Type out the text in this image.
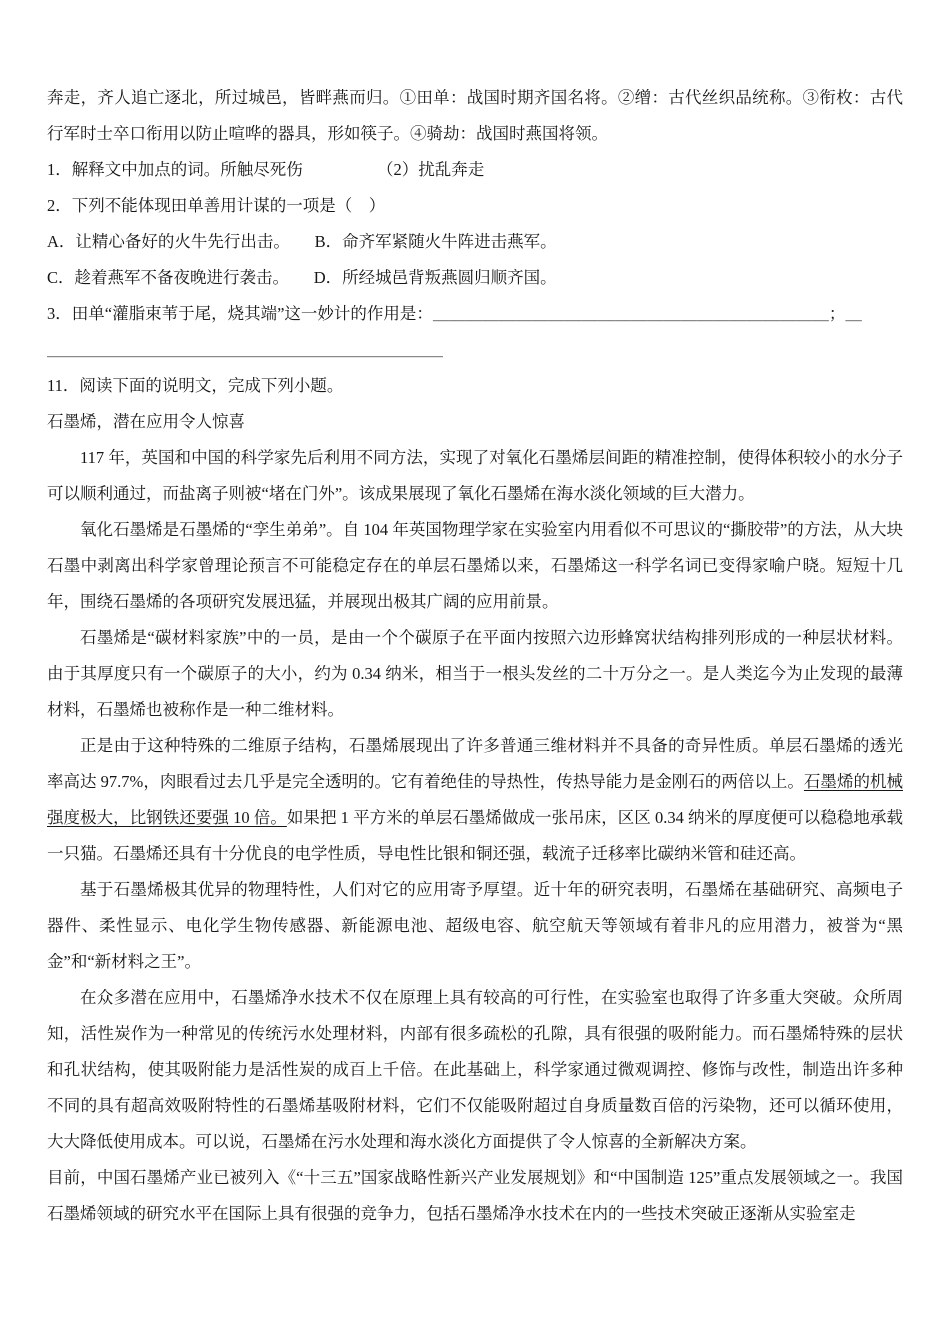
奔走，齐人追亡逐北，所过城邑，皆畔燕而归。①田单：战国时期齐国名将。②缯：古代丝织品统称。③衔枚：古代行军时士卒口衔用以防止喧哗的器具，形如筷子。④骑劫：战国时燕国将领。

1．解释文中加点的词。所触尽死伤　　　　　（2）扰乱奔走

2．下列不能体现田单善用计谋的一项是（　）

A．让精心备好的火牛先行出击。　　B．命齐军紧随火牛阵进击燕军。

C．趁着燕军不备夜晚进行袭击。　　D．所经城邑背叛燕圆归顺齐国。

3．田单“灌脂束苇于尾，烧其端”这一妙计的作用是：＿＿＿＿＿＿＿＿＿＿＿＿＿＿＿＿＿＿＿＿＿＿＿＿；＿

＿＿＿＿＿＿＿＿＿＿＿＿＿＿＿＿＿＿＿＿＿＿＿＿

11．阅读下面的说明文，完成下列小题。

石墨烯，潜在应用令人惊喜

117 年，英国和中国的科学家先后利用不同方法，实现了对氧化石墨烯层间距的精准控制，使得体积较小的水分子可以顺利通过，而盐离子则被“堵在门外”。该成果展现了氧化石墨烯在海水淡化领域的巨大潜力。

氧化石墨烯是石墨烯的“孪生弟弟”。自 104 年英国物理学家在实验室内用看似不可思议的“撕胶带”的方法，从大块石墨中剥离出科学家曾理论预言不可能稳定存在的单层石墨烯以来，石墨烯这一科学名词已变得家喻户晓。短短十几年，围绕石墨烯的各项研究发展迅猛，并展现出极其广阔的应用前景。

石墨烯是“碳材料家族”中的一员，是由一个个碳原子在平面内按照六边形蜂窝状结构排列形成的一种层状材料。由于其厚度只有一个碳原子的大小，约为 0.34 纳米，相当于一根头发丝的二十万分之一。是人类迄今为止发现的最薄材料，石墨烯也被称作是一种二维材料。

正是由于这种特殊的二维原子结构，石墨烯展现出了许多普通三维材料并不具备的奇异性质。单层石墨烯的透光率高达 97.7%，肉眼看过去几乎是完全透明的。它有着绝佳的导热性，传热导能力是金刚石的两倍以上。石墨烯的机械强度极大，比钢铁还要强 10 倍。如果把 1 平方米的单层石墨烯做成一张吊床，区区 0.34 纳米的厚度便可以稳稳地承载一只猫。石墨烯还具有十分优良的电学性质，导电性比银和铜还强，载流子迁移率比碳纳米管和硅还高。

基于石墨烯极其优异的物理特性，人们对它的应用寄予厚望。近十年的研究表明，石墨烯在基础研究、高频电子器件、柔性显示、电化学生物传感器、新能源电池、超级电容、航空航天等领域有着非凡的应用潜力，被誉为“黑金”和“新材料之王”。

在众多潜在应用中，石墨烯净水技术不仅在原理上具有较高的可行性，在实验室也取得了许多重大突破。众所周知，活性炭作为一种常见的传统污水处理材料，内部有很多疏松的孔隙，具有很强的吸附能力。而石墨烯特殊的层状和孔状结构，使其吸附能力是活性炭的成百上千倍。在此基础上，科学家通过微观调控、修饰与改性，制造出许多种不同的具有超高效吸附特性的石墨烯基吸附材料，它们不仅能吸附超过自身质量数百倍的污染物，还可以循环使用，大大降低使用成本。可以说，石墨烯在污水处理和海水淡化方面提供了令人惊喜的全新解决方案。

目前，中国石墨烯产业已被列入《“十三五”国家战略性新兴产业发展规划》和“中国制造 125”重点发展领域之一。我国石墨烯领域的研究水平在国际上具有很强的竞争力，包括石墨烯净水技术在内的一些技术突破正逐渐从实验室走
